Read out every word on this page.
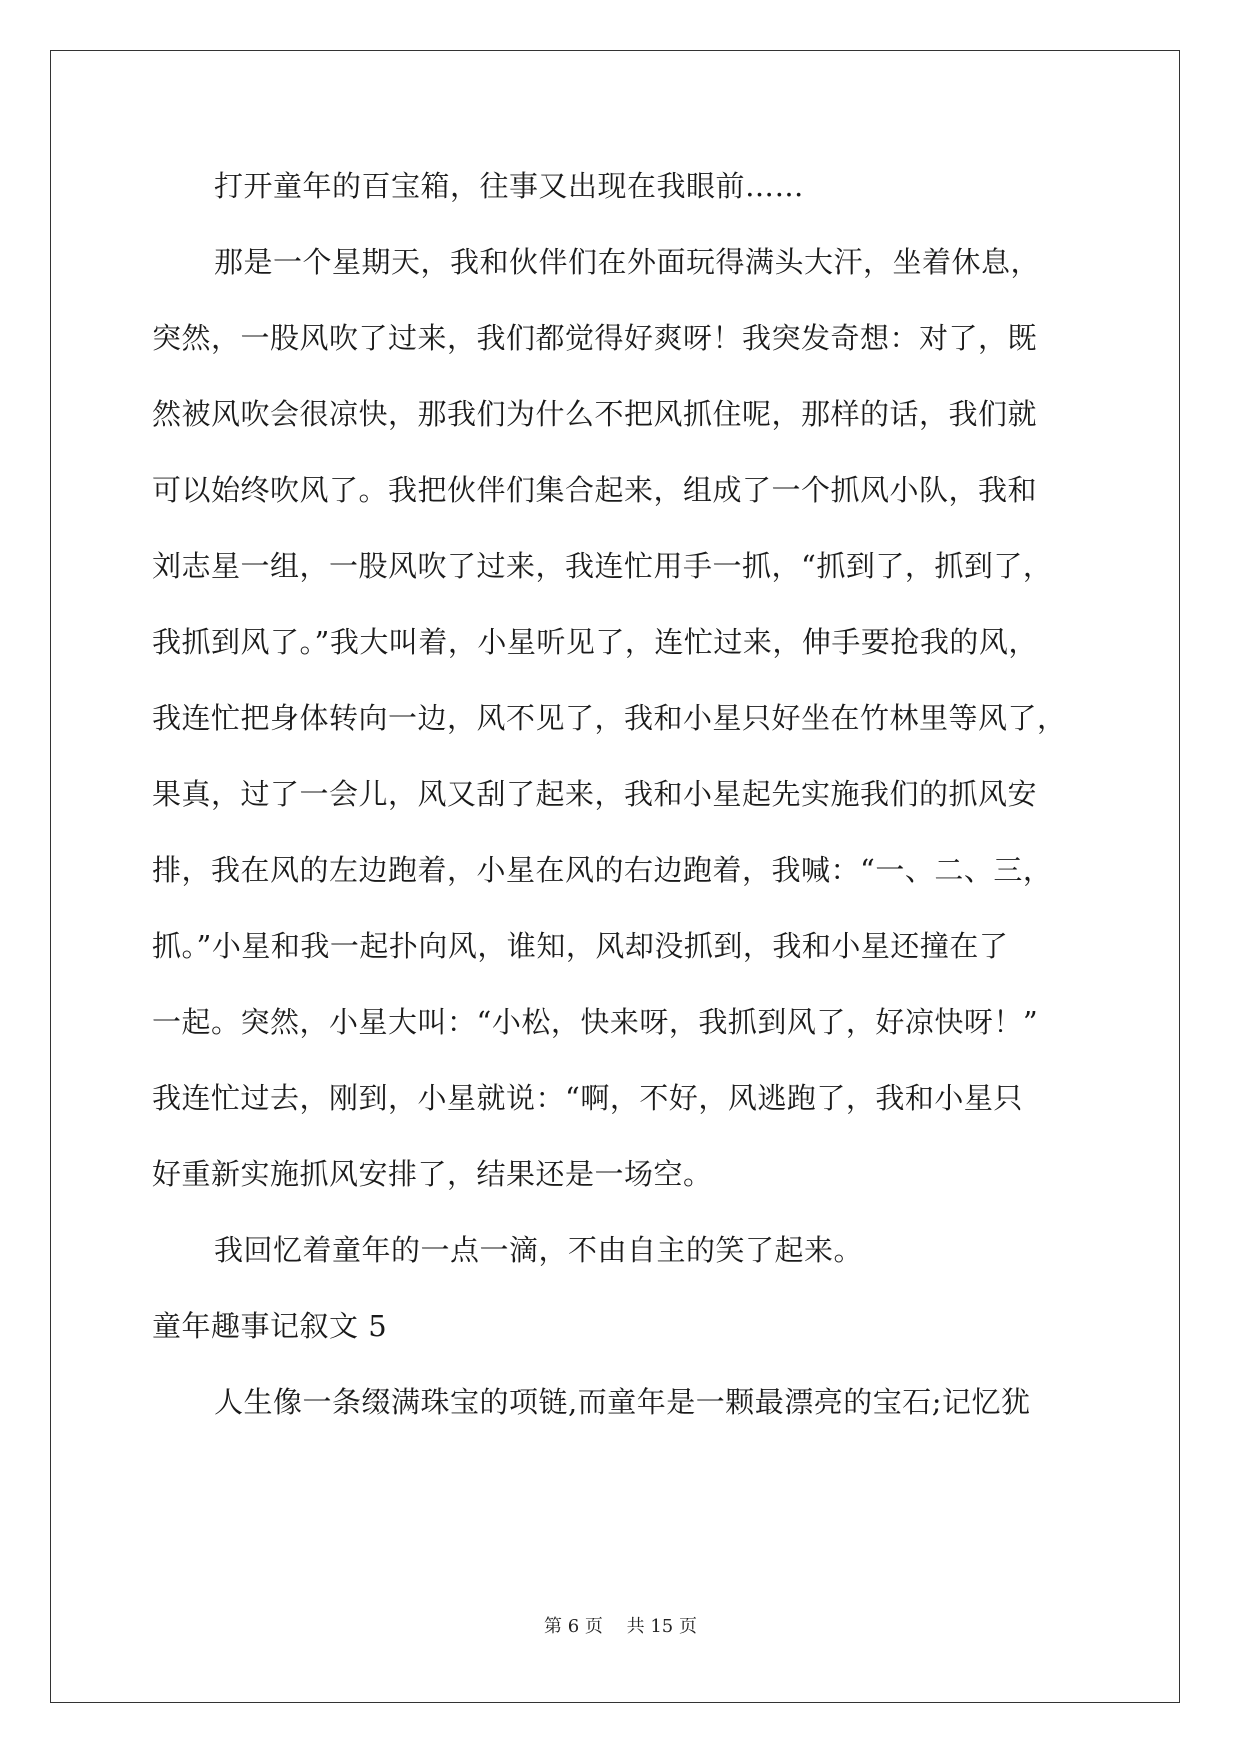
打开童年的百宝箱，往事又出现在我眼前……
那是一个星期天，我和伙伴们在外面玩得满头大汗，坐着休息，
突然，一股风吹了过来，我们都觉得好爽呀！我突发奇想：对了，既
然被风吹会很凉快，那我们为什么不把风抓住呢，那样的话，我们就
可以始终吹风了。我把伙伴们集合起来，组成了一个抓风小队，我和
刘志星一组，一股风吹了过来，我连忙用手一抓，“抓到了，抓到了，
我抓到风了。”我大叫着，小星听见了，连忙过来，伸手要抢我的风，
我连忙把身体转向一边，风不见了，我和小星只好坐在竹林里等风了，
果真，过了一会儿，风又刮了起来，我和小星起先实施我们的抓风安
排，我在风的左边跑着，小星在风的右边跑着，我喊：“一、二、三，
抓。”小星和我一起扑向风，谁知，风却没抓到，我和小星还撞在了
一起。突然，小星大叫：“小松，快来呀，我抓到风了，好凉快呀！”
我连忙过去，刚到，小星就说：“啊，不好，风逃跑了，我和小星只
好重新实施抓风安排了，结果还是一场空。
我回忆着童年的一点一滴，不由自主的笑了起来。
童年趣事记叙文 5
人生像一条缀满珠宝的项链,而童年是一颗最漂亮的宝石;记忆犹
第 6 页　 共 15 页
